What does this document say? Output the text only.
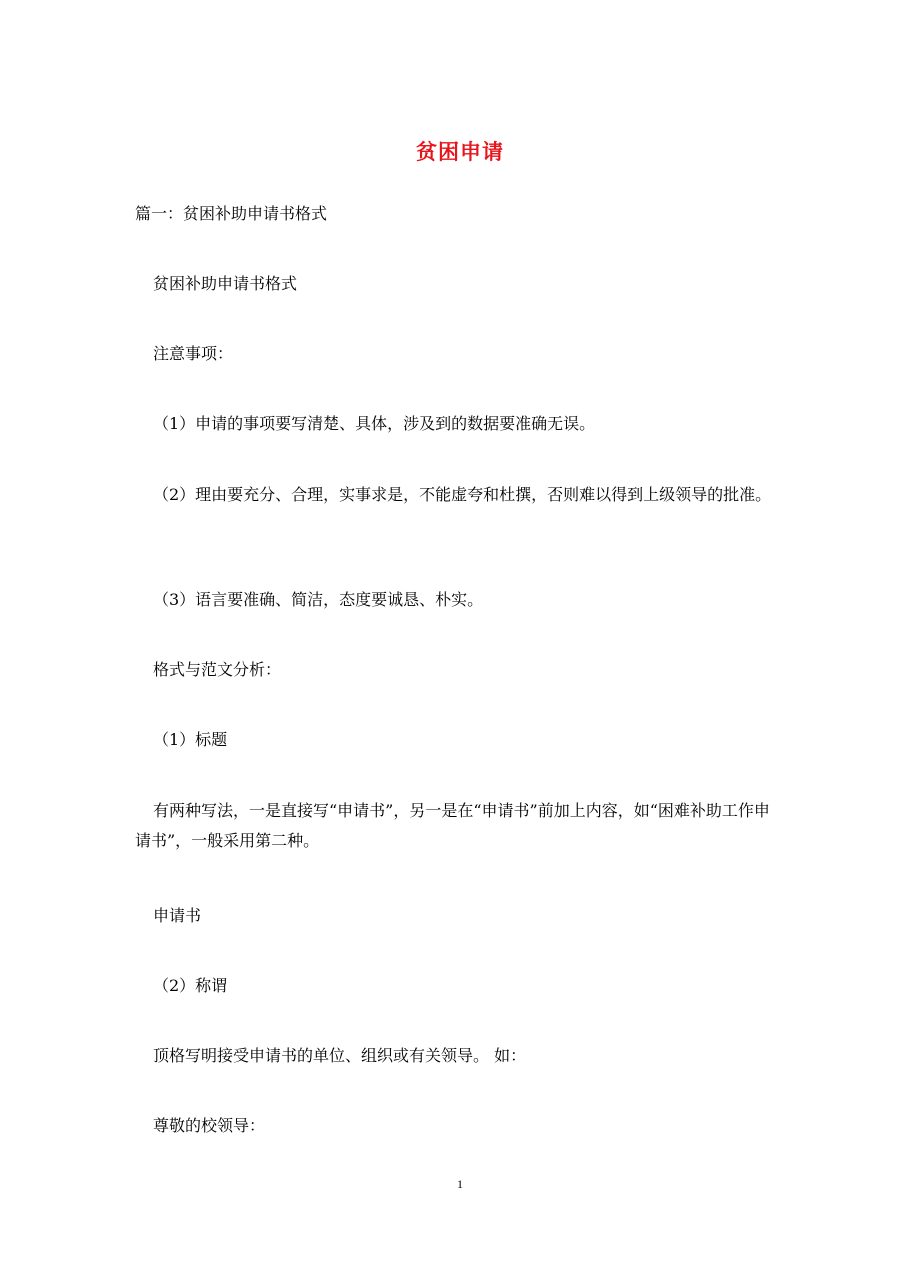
贫困申请

篇一：贫困补助申请书格式

贫困补助申请书格式

注意事项：

（1）申请的事项要写清楚、具体，涉及到的数据要准确无误。

（2）理由要充分、合理，实事求是，不能虚夸和杜撰，否则难以得到上级领导的批准。

（3）语言要准确、简洁，态度要诚恳、朴实。

格式与范文分析：

（1）标题

有两种写法，一是直接写“申请书”，另一是在“申请书”前加上内容，如“困难补助工作申请书”，一般采用第二种。

申请书

（2）称谓

顶格写明接受申请书的单位、组织或有关领导。 如：

尊敬的校领导：

1
